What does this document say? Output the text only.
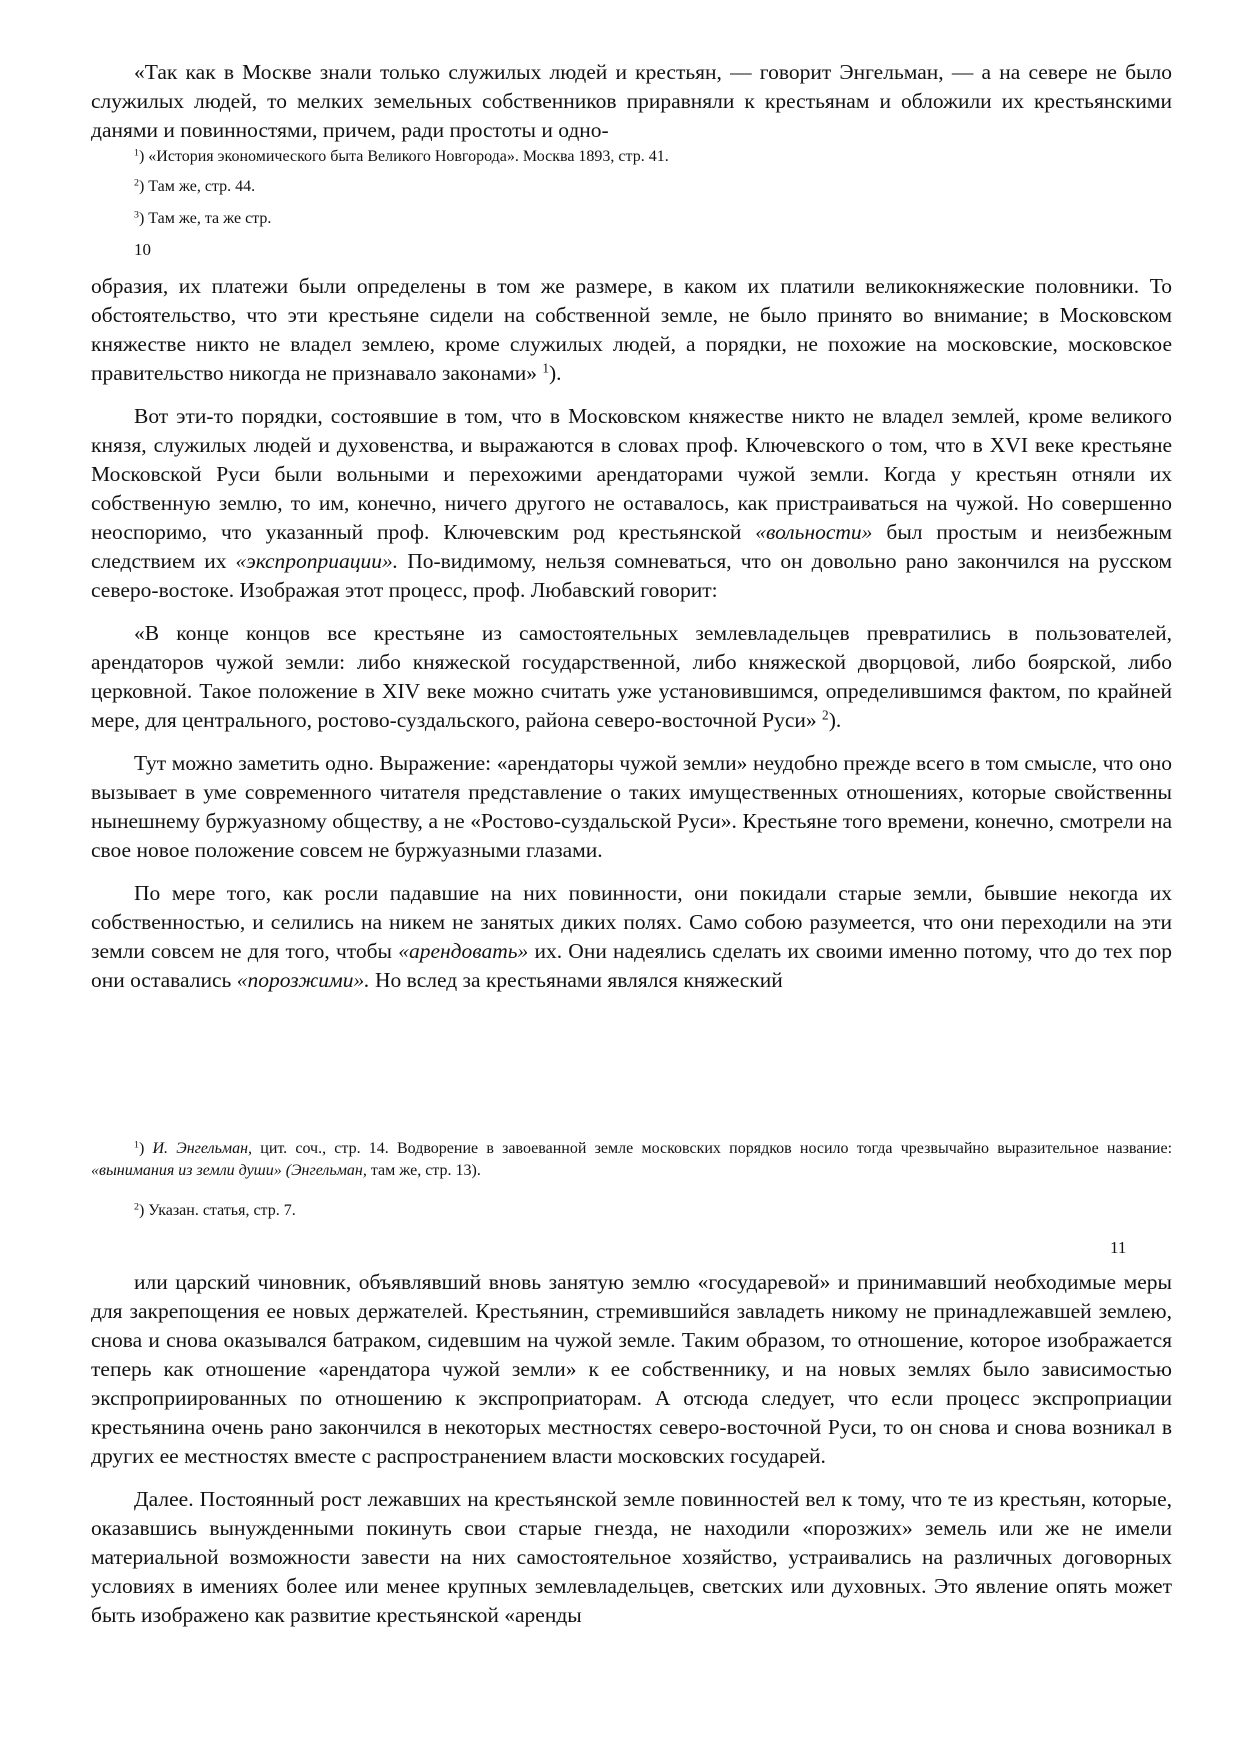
«Так как в Москве знали только служилых людей и крестьян, — говорит Энгельман, — а на севере не было служилых людей, то мелких земельных собственников приравняли к крестьянам и обложили их крестьянскими данями и повинностями, причем, ради простоты и одно-

$^1$) «История экономического быта Великого Новгорода». Москва 1893, стр. 41.

$^2$) Там же, стр. 44.

$^3$) Там же, та же стр.

10

образия, их платежи были определены в том же размере, в каком их платили великокняжеские половники. То обстоятельство, что эти крестьяне сидели на собственной земле, не было принято во внимание; в Московском княжестве никто не владел землею, кроме служилых людей, а порядки, не похожие на московские, московское правительство никогда не признавало законами» $^1$).

Вот эти-то порядки, состоявшие в том, что в Московском княжестве никто не владел землей, кроме великого князя, служилых людей и духовенства, и выражаются в словах проф. Ключевского о том, что в XVI веке крестьяне Московской Руси были вольными и перехожими арендаторами чужой земли. Когда у крестьян отняли их собственную землю, то им, конечно, ничего другого не оставалось, как пристраиваться на чужой. Но совершенно неоспоримо, что указанный проф. Ключевским род крестьянской «вольности» был простым и неизбежным следствием их «экспроприации». По-видимому, нельзя сомневаться, что он довольно рано закончился на русском северо-востоке. Изображая этот процесс, проф. Любавский говорит:

«В конце концов все крестьяне из самостоятельных землевладельцев превратились в пользователей, арендаторов чужой земли: либо княжеской государственной, либо княжеской дворцовой, либо боярской, либо церковной. Такое положение в XIV веке можно считать уже установившимся, определившимся фактом, по крайней мере, для центрального, ростово-суздальского, района северо-восточной Руси» $^2$).

Тут можно заметить одно. Выражение: «арендаторы чужой земли» неудобно прежде всего в том смысле, что оно вызывает в уме современного читателя представление о таких имущественных отношениях, которые свойственны нынешнему буржуазному обществу, а не «Ростово-суздальской Руси». Крестьяне того времени, конечно, смотрели на свое новое положение совсем не буржуазными глазами.

По мере того, как росли падавшие на них повинности, они покидали старые земли, бывшие некогда их собственностью, и селились на никем не занятых диких полях. Само собою разумеется, что они переходили на эти земли совсем не для того, чтобы «арендовать» их. Они надеялись сделать их своими именно потому, что до тех пор они оставались «порозжими». Но вслед за крестьянами являлся княжеский

$^1$) И. Энгельман, цит. соч., стр. 14. Водворение в завоеванной земле московских порядков носило тогда чрезвычайно выразительное название: «вынимания из земли души» (Энгельман, там же, стр. 13).

$^2$) Указан. статья, стр. 7.

11

или царский чиновник, объявлявший вновь занятую землю «государевой» и принимавший необходимые меры для закрепощения ее новых держателей. Крестьянин, стремившийся завладеть никому не принадлежавшей землею, снова и снова оказывался батраком, сидевшим на чужой земле. Таким образом, то отношение, которое изображается теперь как отношение «арендатора чужой земли» к ее собственнику, и на новых землях было зависимостью экспроприированных по отношению к экспроприаторам. А отсюда следует, что если процесс экспроприации крестьянина очень рано закончился в некоторых местностях северо-восточной Руси, то он снова и снова возникал в других ее местностях вместе с распространением власти московских государей.

Далее. Постоянный рост лежавших на крестьянской земле повинностей вел к тому, что те из крестьян, которые, оказавшись вынужденными покинуть свои старые гнезда, не находили «порозжих» земель или же не имели материальной возможности завести на них самостоятельное хозяйство, устраивались на различных договорных условиях в имениях более или менее крупных землевладельцев, светских или духовных. Это явление опять может быть изображено как развитие крестьянской «аренды
